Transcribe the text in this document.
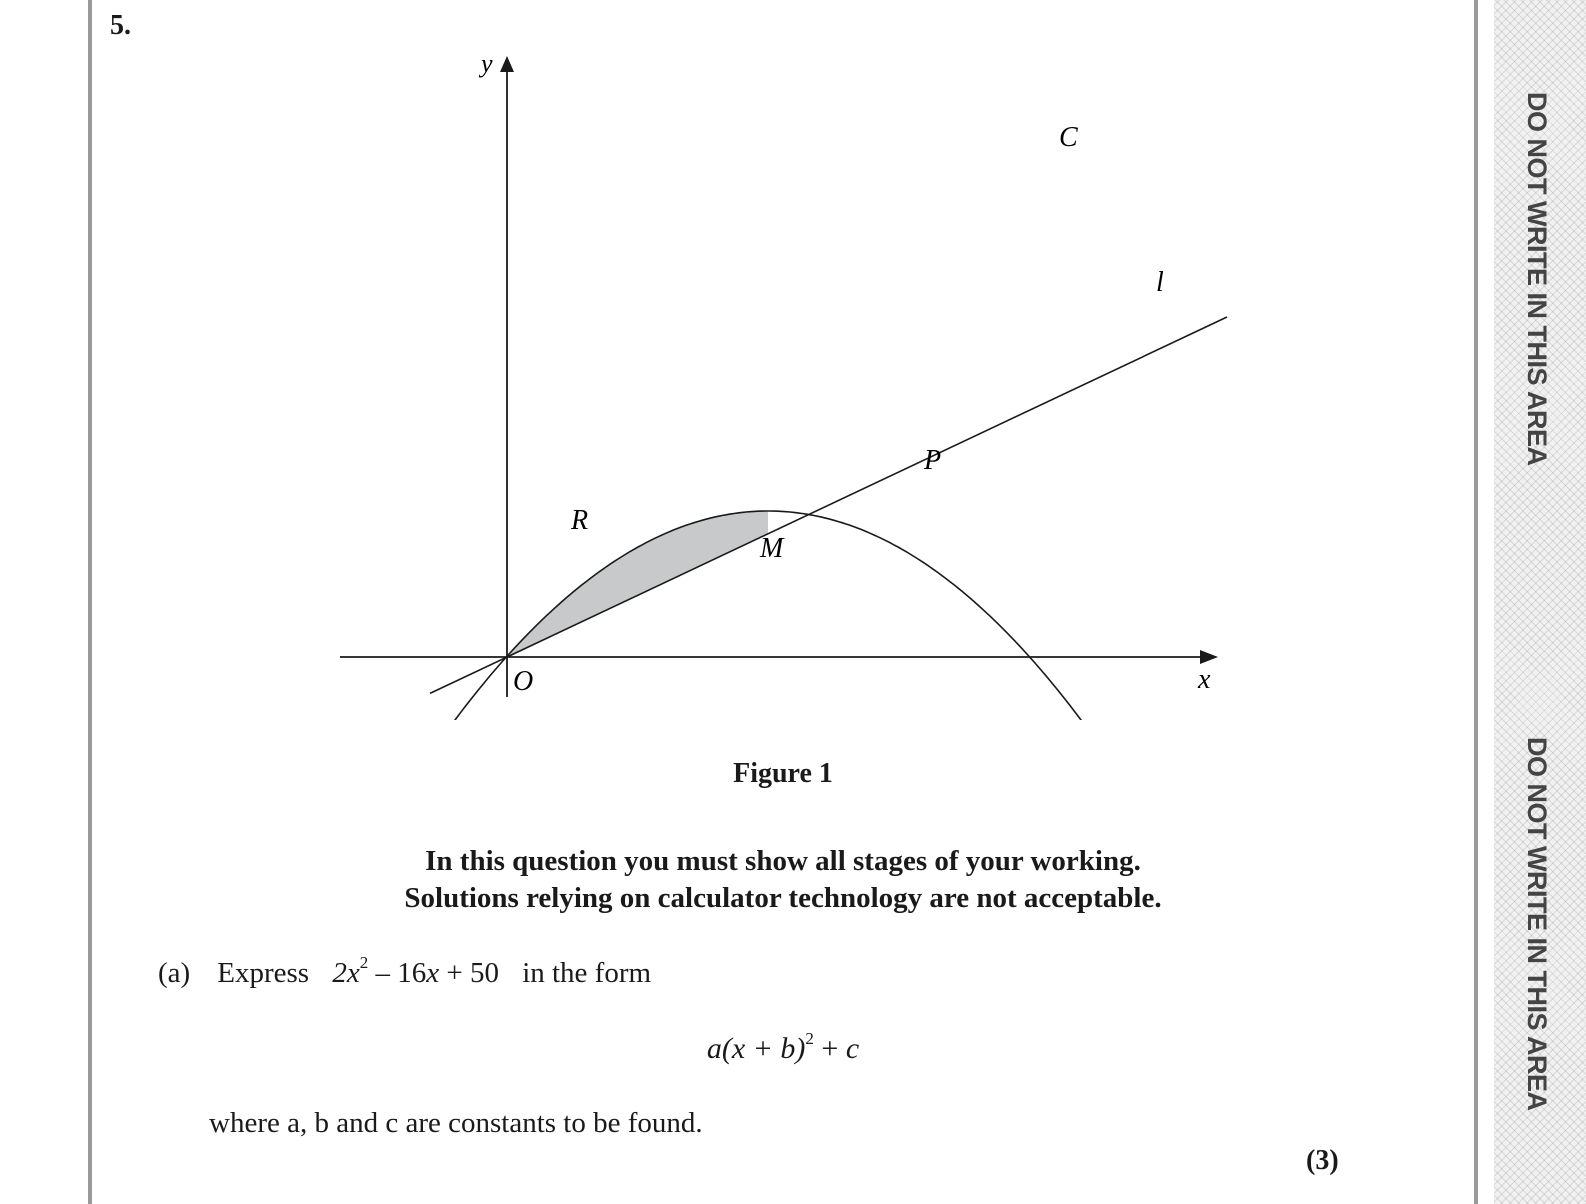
DO NOT WRITE IN THIS AREA
DO NOT WRITE IN THIS AREA
5.
y
x
O
C
l
P
M
R
Figure 1
In this question you must show all stages of your working.
Solutions relying on calculator technology are not acceptable.
(a) Express $2x^2 - 16x + 50$ in the form
$a(x + b)^2 + c$
where a, b and c are constants to be found.
(3)
